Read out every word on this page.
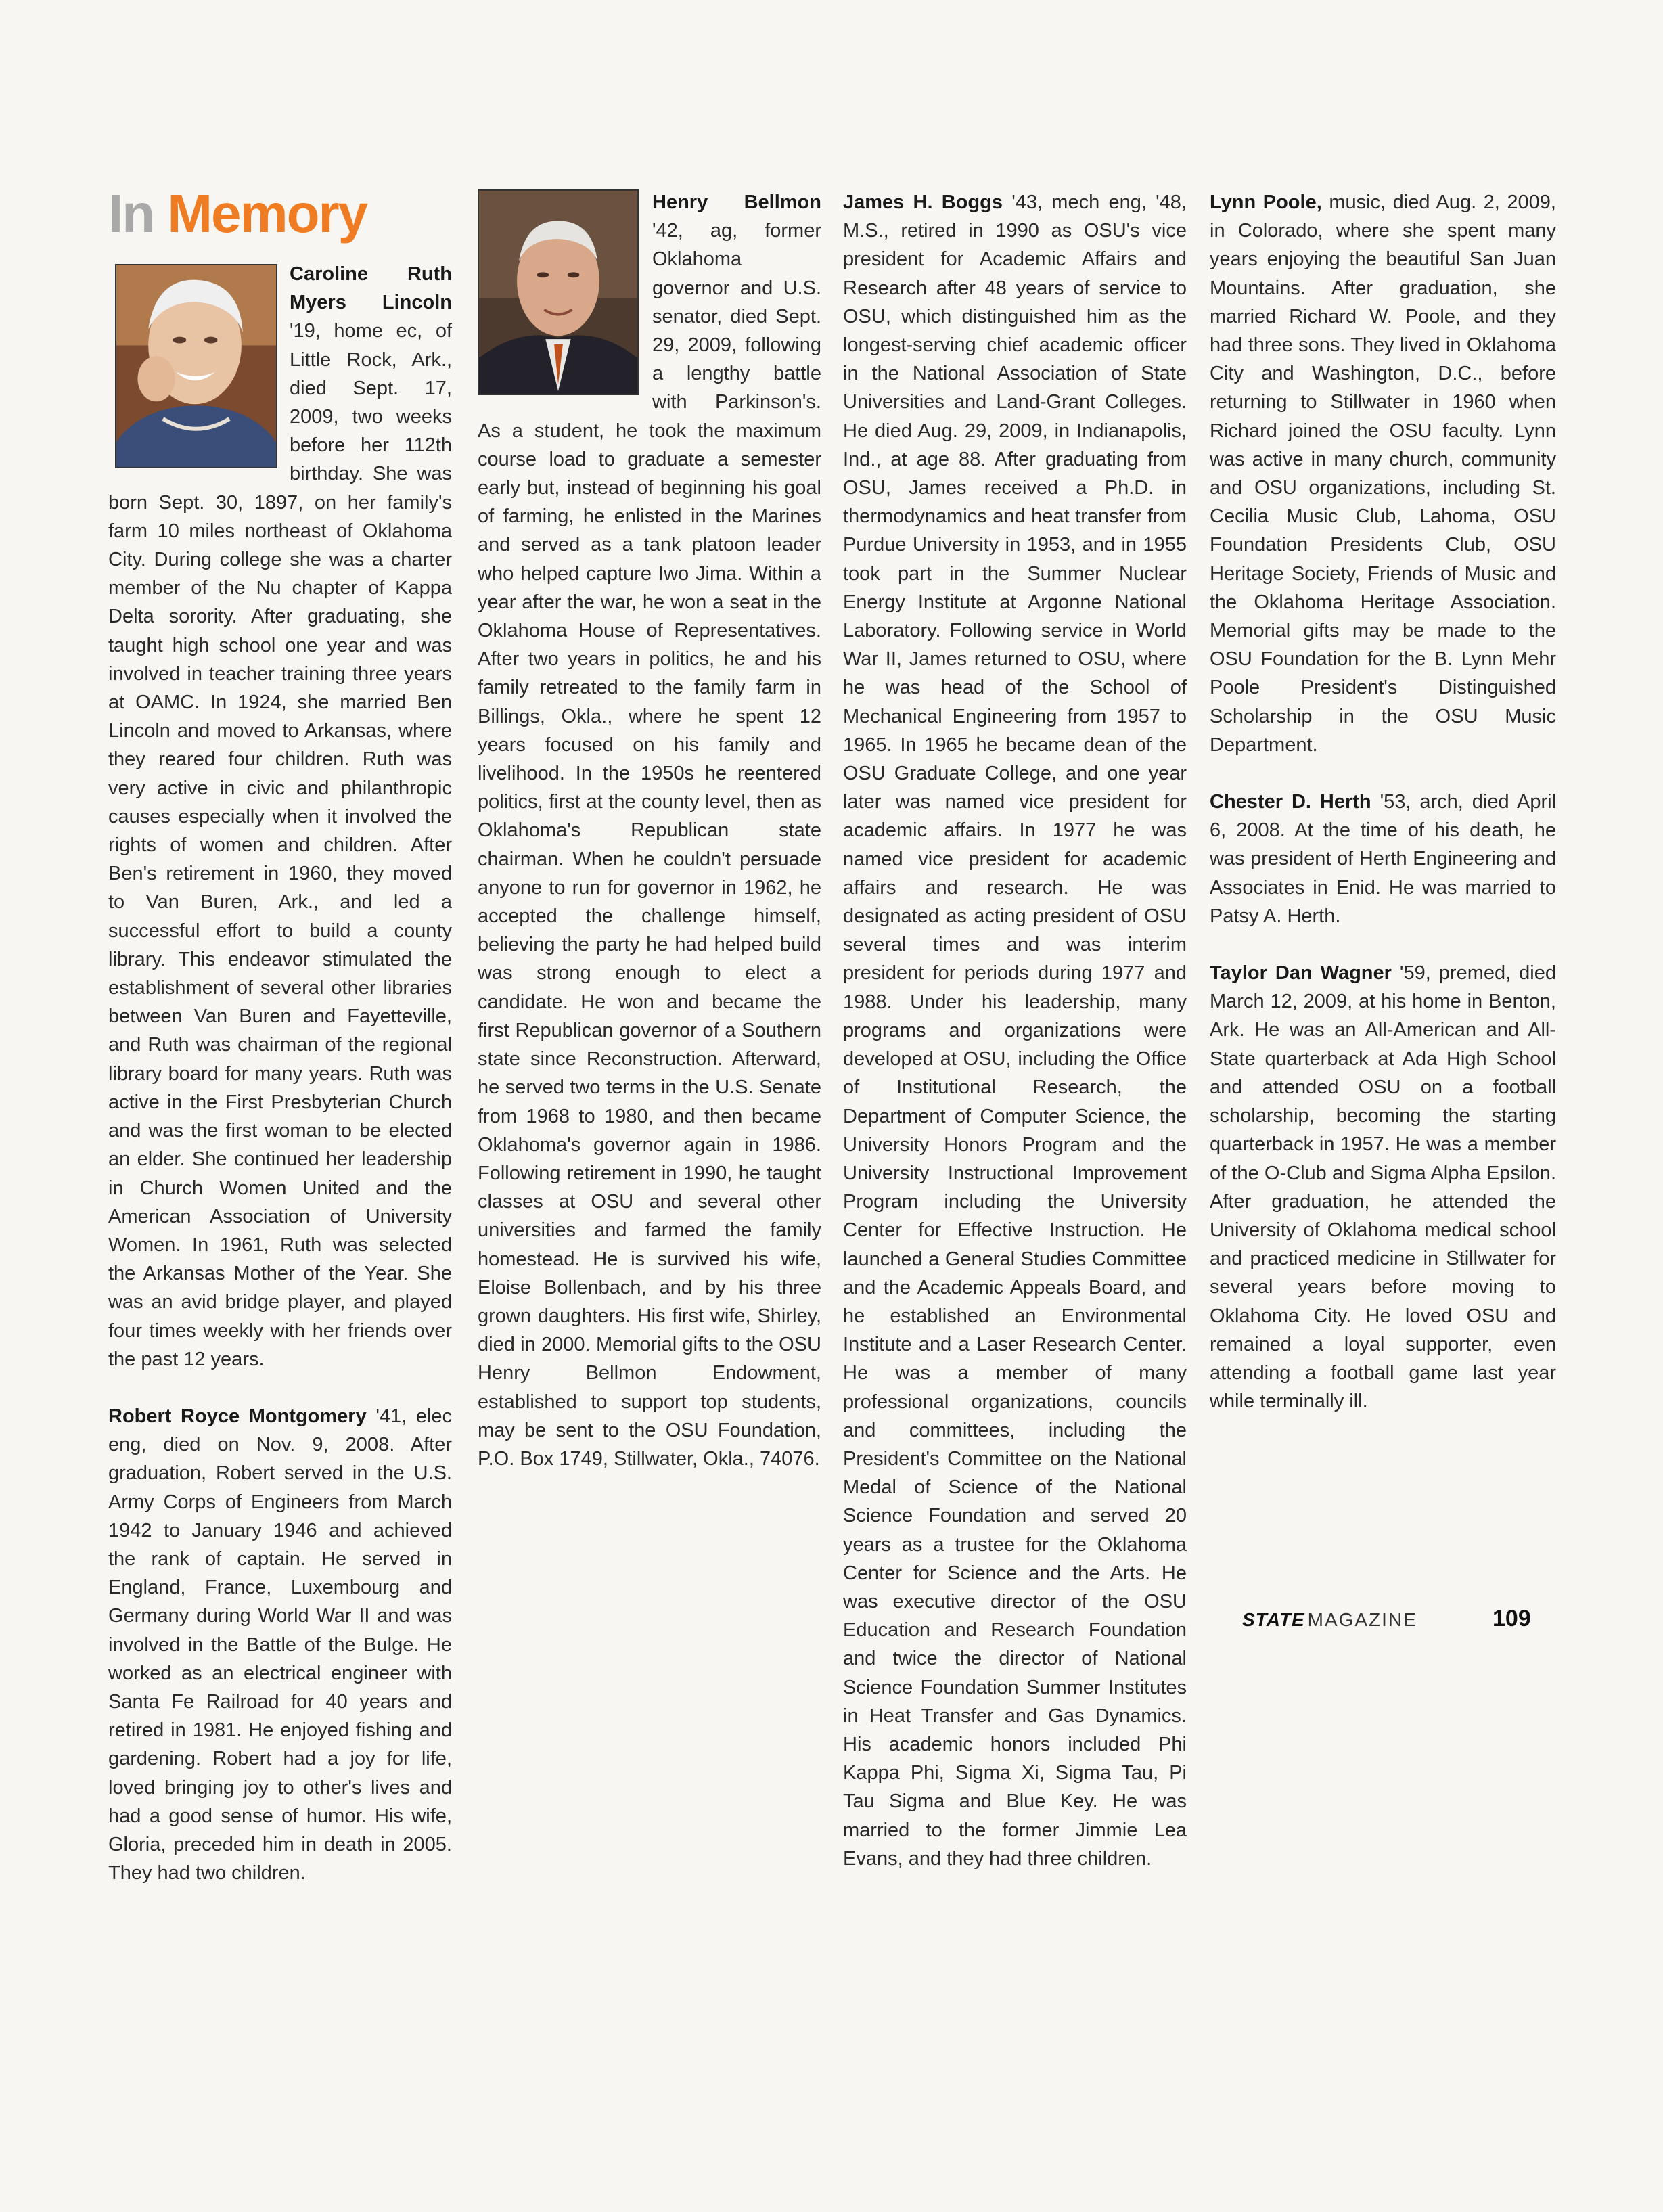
In Memory

Caroline Ruth Myers Lincoln '19, home ec, of Little Rock, Ark., died Sept. 17, 2009, two weeks before her 112th birthday. She was born Sept. 30, 1897, on her family's farm 10 miles northeast of Oklahoma City. During college she was a charter member of the Nu chapter of Kappa Delta sorority. After graduating, she taught high school one year and was involved in teacher training three years at OAMC. In 1924, she married Ben Lincoln and moved to Arkansas, where they reared four children. Ruth was very active in civic and philanthropic causes especially when it involved the rights of women and children. After Ben's retirement in 1960, they moved to Van Buren, Ark., and led a successful effort to build a county library. This endeavor stimulated the establishment of several other libraries between Van Buren and Fayetteville, and Ruth was chairman of the regional library board for many years. Ruth was active in the First Presbyterian Church and was the first woman to be elected an elder. She continued her leadership in Church Women United and the American Association of University Women. In 1961, Ruth was selected the Arkansas Mother of the Year. She was an avid bridge player, and played four times weekly with her friends over the past 12 years.

Robert Royce Montgomery '41, elec eng, died on Nov. 9, 2008. After graduation, Robert served in the U.S. Army Corps of Engineers from March 1942 to January 1946 and achieved the rank of captain. He served in England, France, Luxembourg and Germany during World War II and was involved in the Battle of the Bulge. He worked as an electrical engineer with Santa Fe Railroad for 40 years and retired in 1981. He enjoyed fishing and gardening. Robert had a joy for life, loved bringing joy to other's lives and had a good sense of humor. His wife, Gloria, preceded him in death in 2005. They had two children.

Henry Bellmon '42, ag, former Oklahoma governor and U.S. senator, died Sept. 29, 2009, following a lengthy battle with Parkinson's. As a student, he took the maximum course load to graduate a semester early but, instead of beginning his goal of farming, he enlisted in the Marines and served as a tank platoon leader who helped capture Iwo Jima. Within a year after the war, he won a seat in the Oklahoma House of Representatives. After two years in politics, he and his family retreated to the family farm in Billings, Okla., where he spent 12 years focused on his family and livelihood. In the 1950s he reentered politics, first at the county level, then as Oklahoma's Republican state chairman. When he couldn't persuade anyone to run for governor in 1962, he accepted the challenge himself, believing the party he had helped build was strong enough to elect a candidate. He won and became the first Republican governor of a Southern state since Reconstruction. Afterward, he served two terms in the U.S. Senate from 1968 to 1980, and then became Oklahoma's governor again in 1986. Following retirement in 1990, he taught classes at OSU and several other universities and farmed the family homestead. He is survived his wife, Eloise Bollenbach, and by his three grown daughters. His first wife, Shirley, died in 2000. Memorial gifts to the OSU Henry Bellmon Endowment, established to support top students, may be sent to the OSU Foundation, P.O. Box 1749, Stillwater, Okla., 74076.

James H. Boggs '43, mech eng, '48, M.S., retired in 1990 as OSU's vice president for Academic Affairs and Research after 48 years of service to OSU, which distinguished him as the longest-serving chief academic officer in the National Association of State Universities and Land-Grant Colleges. He died Aug. 29, 2009, in Indianapolis, Ind., at age 88. After graduating from OSU, James received a Ph.D. in thermodynamics and heat transfer from Purdue University in 1953, and in 1955 took part in the Summer Nuclear Energy Institute at Argonne National Laboratory. Following service in World War II, James returned to OSU, where he was head of the School of Mechanical Engineering from 1957 to 1965. In 1965 he became dean of the OSU Graduate College, and one year later was named vice president for academic affairs. In 1977 he was named vice president for academic affairs and research. He was designated as acting president of OSU several times and was interim president for periods during 1977 and 1988. Under his leadership, many programs and organizations were developed at OSU, including the Office of Institutional Research, the Department of Computer Science, the University Honors Program and the University Instructional Improvement Program including the University Center for Effective Instruction. He launched a General Studies Committee and the Academic Appeals Board, and he established an Environmental Institute and a Laser Research Center. He was a member of many professional organizations, councils and committees, including the President's Committee on the National Medal of Science of the National Science Foundation and served 20 years as a trustee for the Oklahoma Center for Science and the Arts. He was executive director of the OSU Education and Research Foundation and twice the director of National Science Foundation Summer Institutes in Heat Transfer and Gas Dynamics. His academic honors included Phi Kappa Phi, Sigma Xi, Sigma Tau, Pi Tau Sigma and Blue Key. He was married to the former Jimmie Lea Evans, and they had three children.

Lynn Poole, music, died Aug. 2, 2009, in Colorado, where she spent many years enjoying the beautiful San Juan Mountains. After graduation, she married Richard W. Poole, and they had three sons. They lived in Oklahoma City and Washington, D.C., before returning to Stillwater in 1960 when Richard joined the OSU faculty. Lynn was active in many church, community and OSU organizations, including St. Cecilia Music Club, Lahoma, OSU Foundation Presidents Club, OSU Heritage Society, Friends of Music and the Oklahoma Heritage Association. Memorial gifts may be made to the OSU Foundation for the B. Lynn Mehr Poole President's Distinguished Scholarship in the OSU Music Department.

Chester D. Herth '53, arch, died April 6, 2008. At the time of his death, he was president of Herth Engineering and Associates in Enid. He was married to Patsy A. Herth.

Taylor Dan Wagner '59, premed, died March 12, 2009, at his home in Benton, Ark. He was an All-American and All-State quarterback at Ada High School and attended OSU on a football scholarship, becoming the starting quarterback in 1957. He was a member of the O-Club and Sigma Alpha Epsilon. After graduation, he attended the University of Oklahoma medical school and practiced medicine in Stillwater for several years before moving to Oklahoma City. He loved OSU and remained a loyal supporter, even attending a football game last year while terminally ill.

STATE MAGAZINE	109
